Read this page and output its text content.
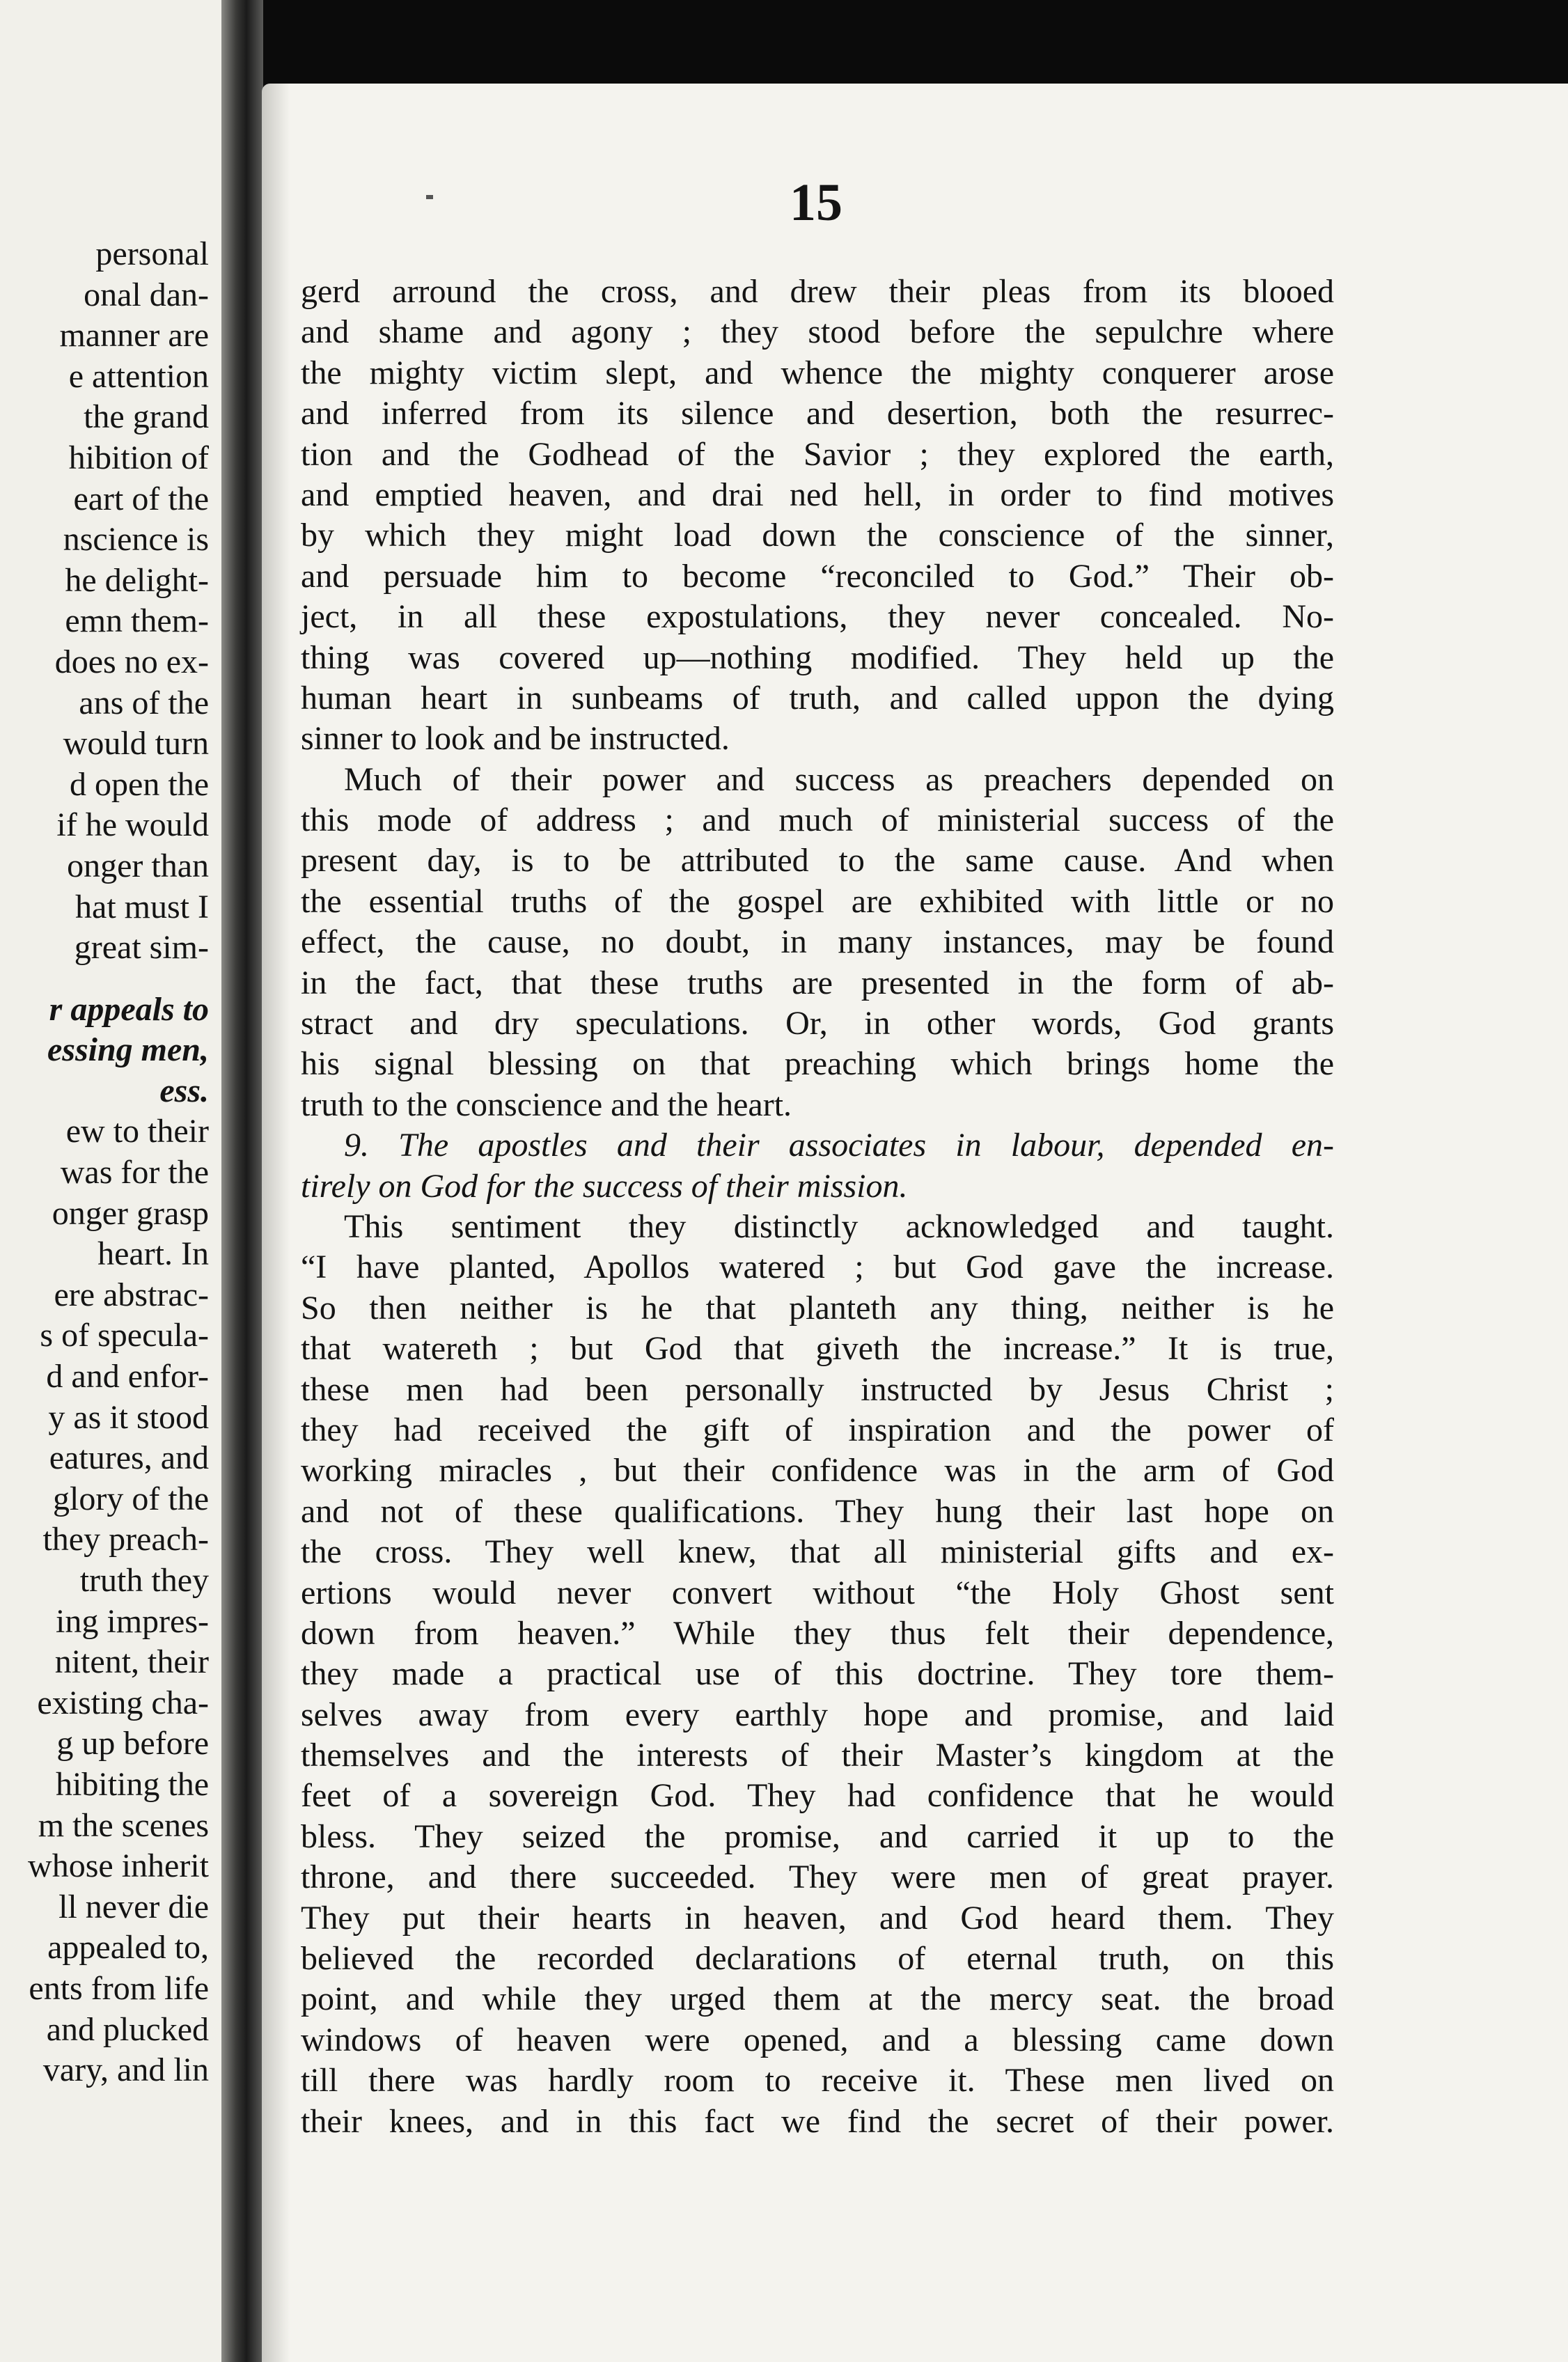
personal
onal dan-
manner are
e attention
the grand
hibition of
eart of the
nscience is
he delight-
emn them-
does no ex-
ans of the
would turn
d open the
if he would
onger than
hat must I
great sim-
r appeals to
essing men,
ess.
ew to their
was for the
onger grasp
heart. In
ere abstrac-
s of specula-
d and enfor-
y as it stood
eatures, and
glory of the
they preach-
truth they
ing impres-
nitent, their
existing cha-
g up before
hibiting the
m the scenes
whose inherit
ll never die
appealed to,
ents from life
and plucked
vary, and lin
15
gerd arround the cross, and drew their pleas from its blooed
and shame and agony ; they stood before the sepulchre where
the mighty victim slept, and whence the mighty conquerer arose
and inferred from its silence and desertion, both the resurrec-
tion and the Godhead of the Savior ; they explored the earth,
and emptied heaven, and drai ned hell, in order to find motives
by which they might load down the conscience of the sinner,
and persuade him to become “reconciled to God.” Their ob-
ject, in all these expostulations, they never concealed. No-
thing was covered up—nothing modified. They held up the
human heart in sunbeams of truth, and called uppon the dying
sinner to look and be instructed.
Much of their power and success as preachers depended on
this mode of address ; and much of ministerial success of the
present day, is to be attributed to the same cause. And when
the essential truths of the gospel are exhibited with little or no
effect, the cause, no doubt, in many instances, may be found
in the fact, that these truths are presented in the form of ab-
stract and dry speculations. Or, in other words, God grants
his signal blessing on that preaching which brings home the
truth to the conscience and the heart.
9. The apostles and their associates in labour, depended en-
tirely on God for the success of their mission.
This sentiment they distinctly acknowledged and taught.
“I have planted, Apollos watered ; but God gave the increase.
So then neither is he that planteth any thing, neither is he
that watereth ; but God that giveth the increase.” It is true,
these men had been personally instructed by Jesus Christ ;
they had received the gift of inspiration and the power of
working miracles , but their confidence was in the arm of God
and not of these qualifications. They hung their last hope on
the cross. They well knew, that all ministerial gifts and ex-
ertions would never convert without “the Holy Ghost sent
down from heaven.” While they thus felt their dependence,
they made a practical use of this doctrine. They tore them-
selves away from every earthly hope and promise, and laid
themselves and the interests of their Master’s kingdom at the
feet of a sovereign God. They had confidence that he would
bless. They seized the promise, and carried it up to the
throne, and there succeeded. They were men of great prayer.
They put their hearts in heaven, and God heard them. They
believed the recorded declarations of eternal truth, on this
point, and while they urged them at the mercy seat. the broad
windows of heaven were opened, and a blessing came down
till there was hardly room to receive it. These men lived on
their knees, and in this fact we find the secret of their power.
